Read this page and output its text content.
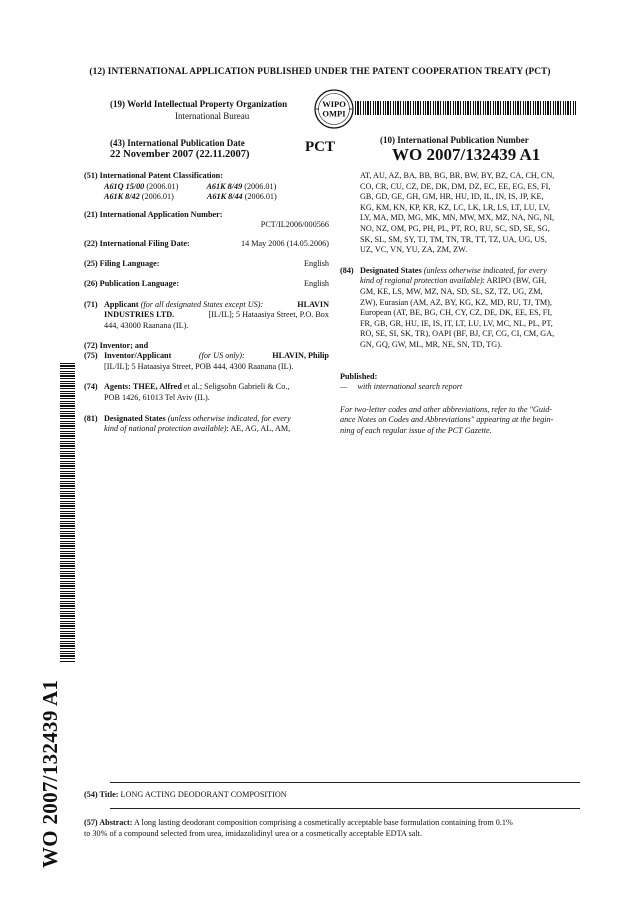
(12) INTERNATIONAL APPLICATION PUBLISHED UNDER THE PATENT COOPERATION TREATY (PCT)
(19) World Intellectual Property Organization
International Bureau
WIPO
OMPI
(43) International Publication Date
22 November 2007 (22.11.2007)	PCT	(10) International Publication Number
WO 2007/132439 A1
WO 2007/132439 A1
(51) International Patent Classification:
A61Q 15/00 (2006.01)	A61K 8/49 (2006.01)
A61K 8/42 (2006.01)	A61K 8/44 (2006.01)
(21) International Application Number:
PCT/IL2006/000566
(22) International Filing Date:	14 May 2006 (14.05.2006)
(25) Filing Language:	English
(26) Publication Language:	English
(71) Applicant (for all designated States except US):	HLAVIN
INDUSTRIES LTD.	[IL/IL]; 5 Hataasiya Street, P.O. Box
444, 43000 Raanana (IL).
(72) Inventor; and
(75) Inventor/Applicant	(for US only):	HLAVIN, Philip
[IL/IL]; 5 Hataasiya Street, POB 444, 4300 Raanana (IL).
(74) Agents: THEE, Alfred et al.; Seligsohn Gabrieli & Co.,
POB 1426, 61013 Tel Aviv (IL).
(81) Designated States (unless otherwise indicated, for every
kind of national protection available): AE, AG, AL, AM,
AT, AU, AZ, BA, BB, BG, BR, BW, BY, BZ, CA, CH, CN,
CO, CR, CU, CZ, DE, DK, DM, DZ, EC, EE, EG, ES, FI,
GB, GD, GE, GH, GM, HR, HU, ID, IL, IN, IS, JP, KE,
KG, KM, KN, KP, KR, KZ, LC, LK, LR, LS, LT, LU, LV,
LY, MA, MD, MG, MK, MN, MW, MX, MZ, NA, NG, NI,
NO, NZ, OM, PG, PH, PL, PT, RO, RU, SC, SD, SE, SG,
SK, SL, SM, SY, TJ, TM, TN, TR, TT, TZ, UA, UG, US,
UZ, VC, VN, YU, ZA, ZM, ZW.
(84) Designated States (unless otherwise indicated, for every
kind of regional protection available): ARIPO (BW, GH,
GM, KE, LS, MW, MZ, NA, SD, SL, SZ, TZ, UG, ZM,
ZW), Eurasian (AM, AZ, BY, KG, KZ, MD, RU, TJ, TM),
European (AT, BE, BG, CH, CY, CZ, DE, DK, EE, ES, FI,
FR, GB, GR, HU, IE, IS, IT, LT, LU, LV, MC, NL, PL, PT,
RO, SE, SI, SK, TR), OAPI (BF, BJ, CF, CG, CI, CM, GA,
GN, GQ, GW, ML, MR, NE, SN, TD, TG).
Published:
—     with international search report
For two-letter codes and other abbreviations, refer to the "Guid-
ance Notes on Codes and Abbreviations" appearing at the begin-
ning of each regular issue of the PCT Gazette.
(54) Title: LONG ACTING DEODORANT COMPOSITION
(57) Abstract: A long lasting deodorant composition comprising a cosmetically acceptable base formulation containing from 0.1%
to 30% of a compound selected from urea, imidazolidinyl urea or a cosmetically acceptable EDTA salt.
